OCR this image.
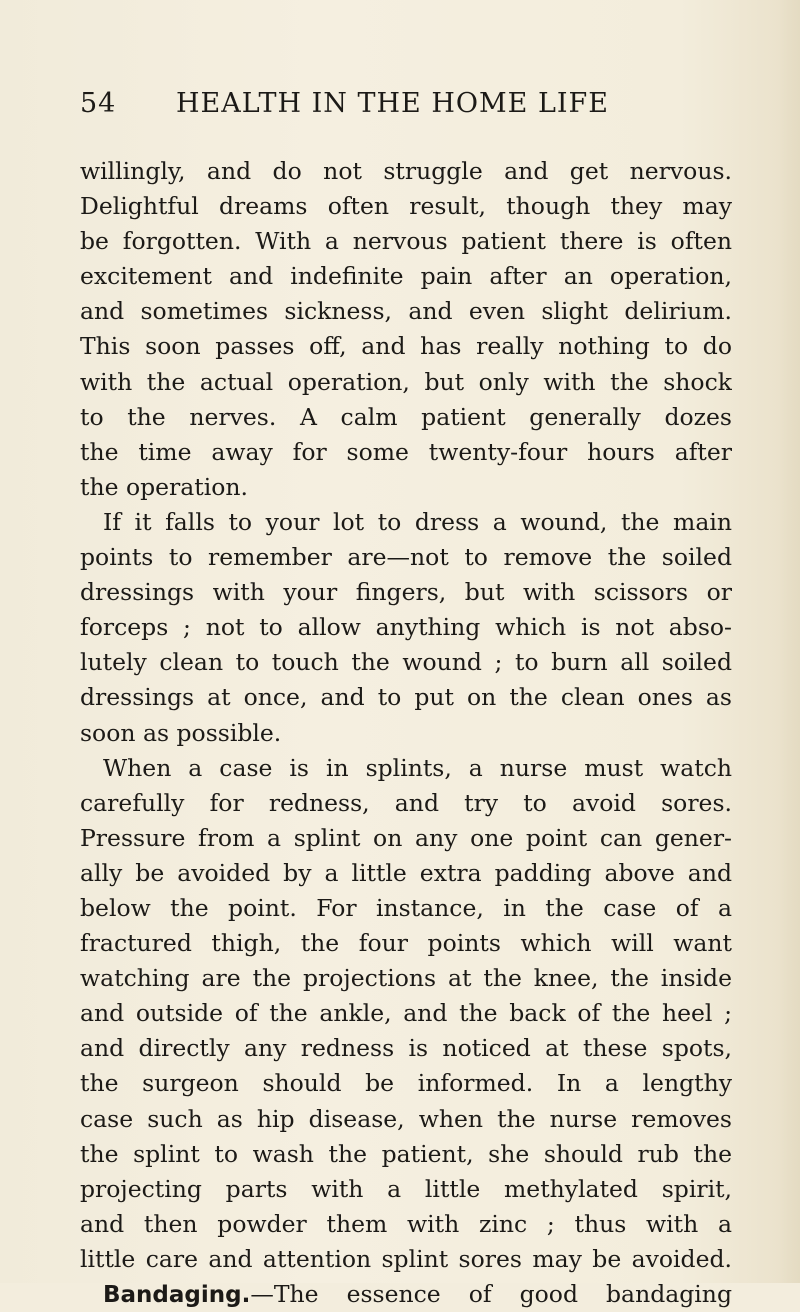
54 HEALTH IN THE HOME LIFE
willingly, and do not struggle and get nervous.
Delightful dreams often result, though they may
be forgotten. With a nervous patient there is often
excitement and indefinite pain after an operation,
and sometimes sickness, and even slight delirium.
This soon passes off, and has really nothing to do
with the actual operation, but only with the shock
to the nerves. A calm patient generally dozes
the time away for some twenty-four hours after
the operation.
If it falls to your lot to dress a wound, the main
points to remember are—not to remove the soiled
dressings with your fingers, but with scissors or
forceps ; not to allow anything which is not abso-
lutely clean to touch the wound ; to burn all soiled
dressings at once, and to put on the clean ones as
soon as possible.
When a case is in splints, a nurse must watch
carefully for redness, and try to avoid sores.
Pressure from a splint on any one point can gener-
ally be avoided by a little extra padding above and
below the point. For instance, in the case of a
fractured thigh, the four points which will want
watching are the projections at the knee, the inside
and outside of the ankle, and the back of the heel ;
and directly any redness is noticed at these spots,
the surgeon should be informed. In a lengthy
case such as hip disease, when the nurse removes
the splint to wash the patient, she should rub the
projecting parts with a little methylated spirit,
and then powder them with zinc ; thus with a
little care and attention splint sores may be avoided.
Bandaging.—The essence of good bandaging
